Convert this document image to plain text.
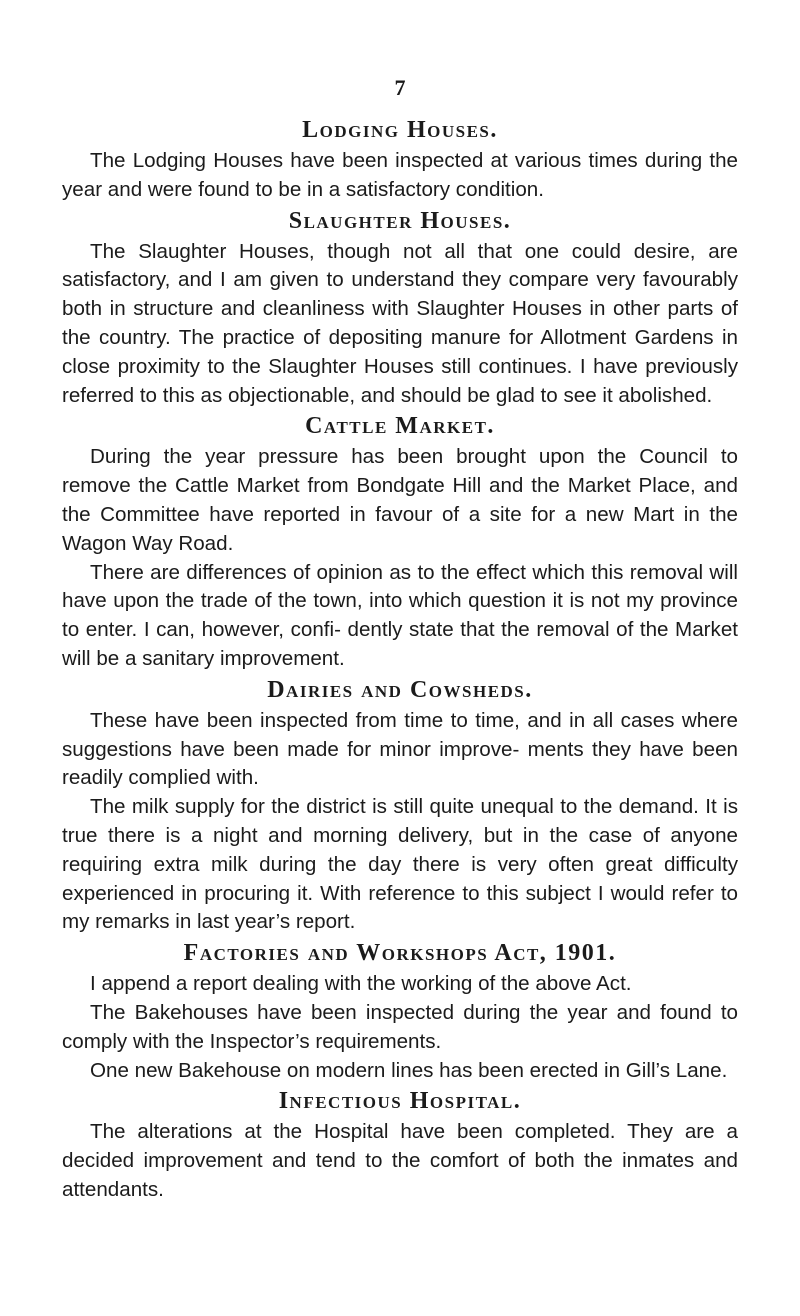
7
Lodging Houses.

The Lodging Houses have been inspected at various times during the year and were found to be in a satisfactory condition.

Slaughter Houses.

The Slaughter Houses, though not all that one could desire, are satisfactory, and I am given to understand they compare very favourably both in structure and cleanliness with Slaughter Houses in other parts of the country. The practice of depositing manure for Allotment Gardens in close proximity to the Slaughter Houses still continues. I have previously referred to this as objectionable, and should be glad to see it abolished.

Cattle Market.

During the year pressure has been brought upon the Council to remove the Cattle Market from Bondgate Hill and the Market Place, and the Committee have reported in favour of a site for a new Mart in the Wagon Way Road.

There are differences of opinion as to the effect which this removal will have upon the trade of the town, into which question it is not my province to enter. I can, however, confi- dently state that the removal of the Market will be a sanitary improvement.

Dairies and Cowsheds.

These have been inspected from time to time, and in all cases where suggestions have been made for minor improve- ments they have been readily complied with.

The milk supply for the district is still quite unequal to the demand. It is true there is a night and morning delivery, but in the case of anyone requiring extra milk during the day there is very often great difficulty experienced in procuring it. With reference to this subject I would refer to my remarks in last year’s report.

Factories and Workshops Act, 1901.

I append a report dealing with the working of the above Act.

The Bakehouses have been inspected during the year and found to comply with the Inspector’s requirements.

One new Bakehouse on modern lines has been erected in Gill’s Lane.

Infectious Hospital.

The alterations at the Hospital have been completed. They are a decided improvement and tend to the comfort of both the inmates and attendants.
